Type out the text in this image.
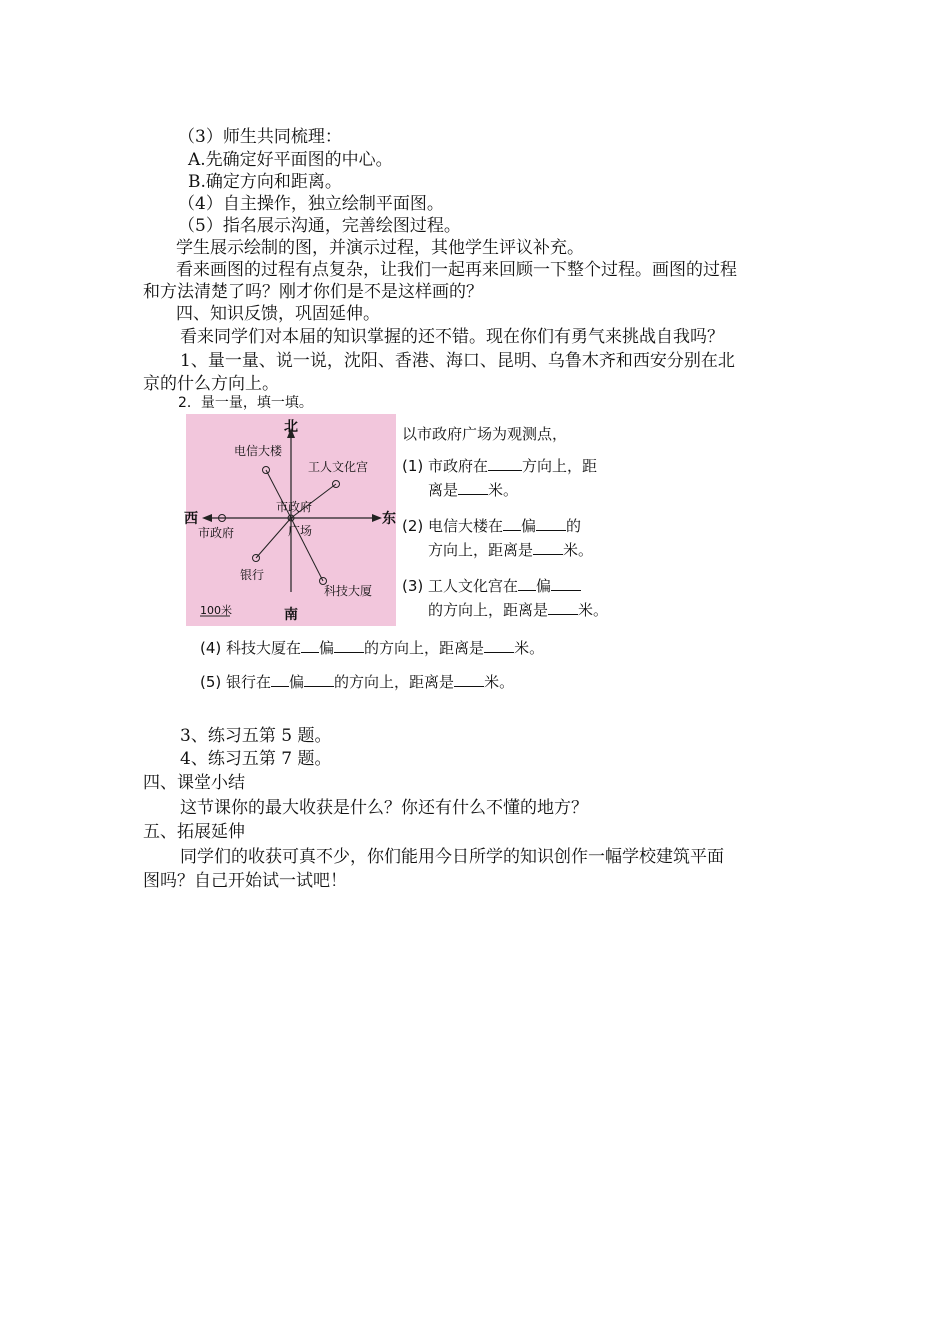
（3）师生共同梳理：
A.先确定好平面图的中心。
B.确定方向和距离。
（4）自主操作，独立绘制平面图。
（5）指名展示沟通，完善绘图过程。
学生展示绘制的图，并演示过程，其他学生评议补充。
看来画图的过程有点复杂，让我们一起再来回顾一下整个过程。画图的过程
和方法清楚了吗？刚才你们是不是这样画的？
四、知识反馈，巩固延伸。
看来同学们对本届的知识掌握的还不错。现在你们有勇气来挑战自我吗？
1、量一量、说一说，沈阳、香港、海口、昆明、乌鲁木齐和西安分别在北
京的什么方向上。
2．量一量，填一填。
北
南
东
西
电信大楼
工人文化宫
市政府
广场
市政府
银行
科技大厦
100米
以市政府广场为观测点，
(1) 市政府在 方向上，距
离是 米。
(2) 电信大楼在 偏 的
方向上，距离是 米。
(3) 工人文化宫在 偏
的方向上，距离是 米。
(4) 科技大厦在 偏 的方向上，距离是 米。
(5) 银行在 偏 的方向上，距离是 米。
3、练习五第 5 题。
4、练习五第 7 题。
四、课堂小结
这节课你的最大收获是什么？你还有什么不懂的地方？
五、拓展延伸
同学们的收获可真不少，你们能用今日所学的知识创作一幅学校建筑平面
图吗？自己开始试一试吧！
